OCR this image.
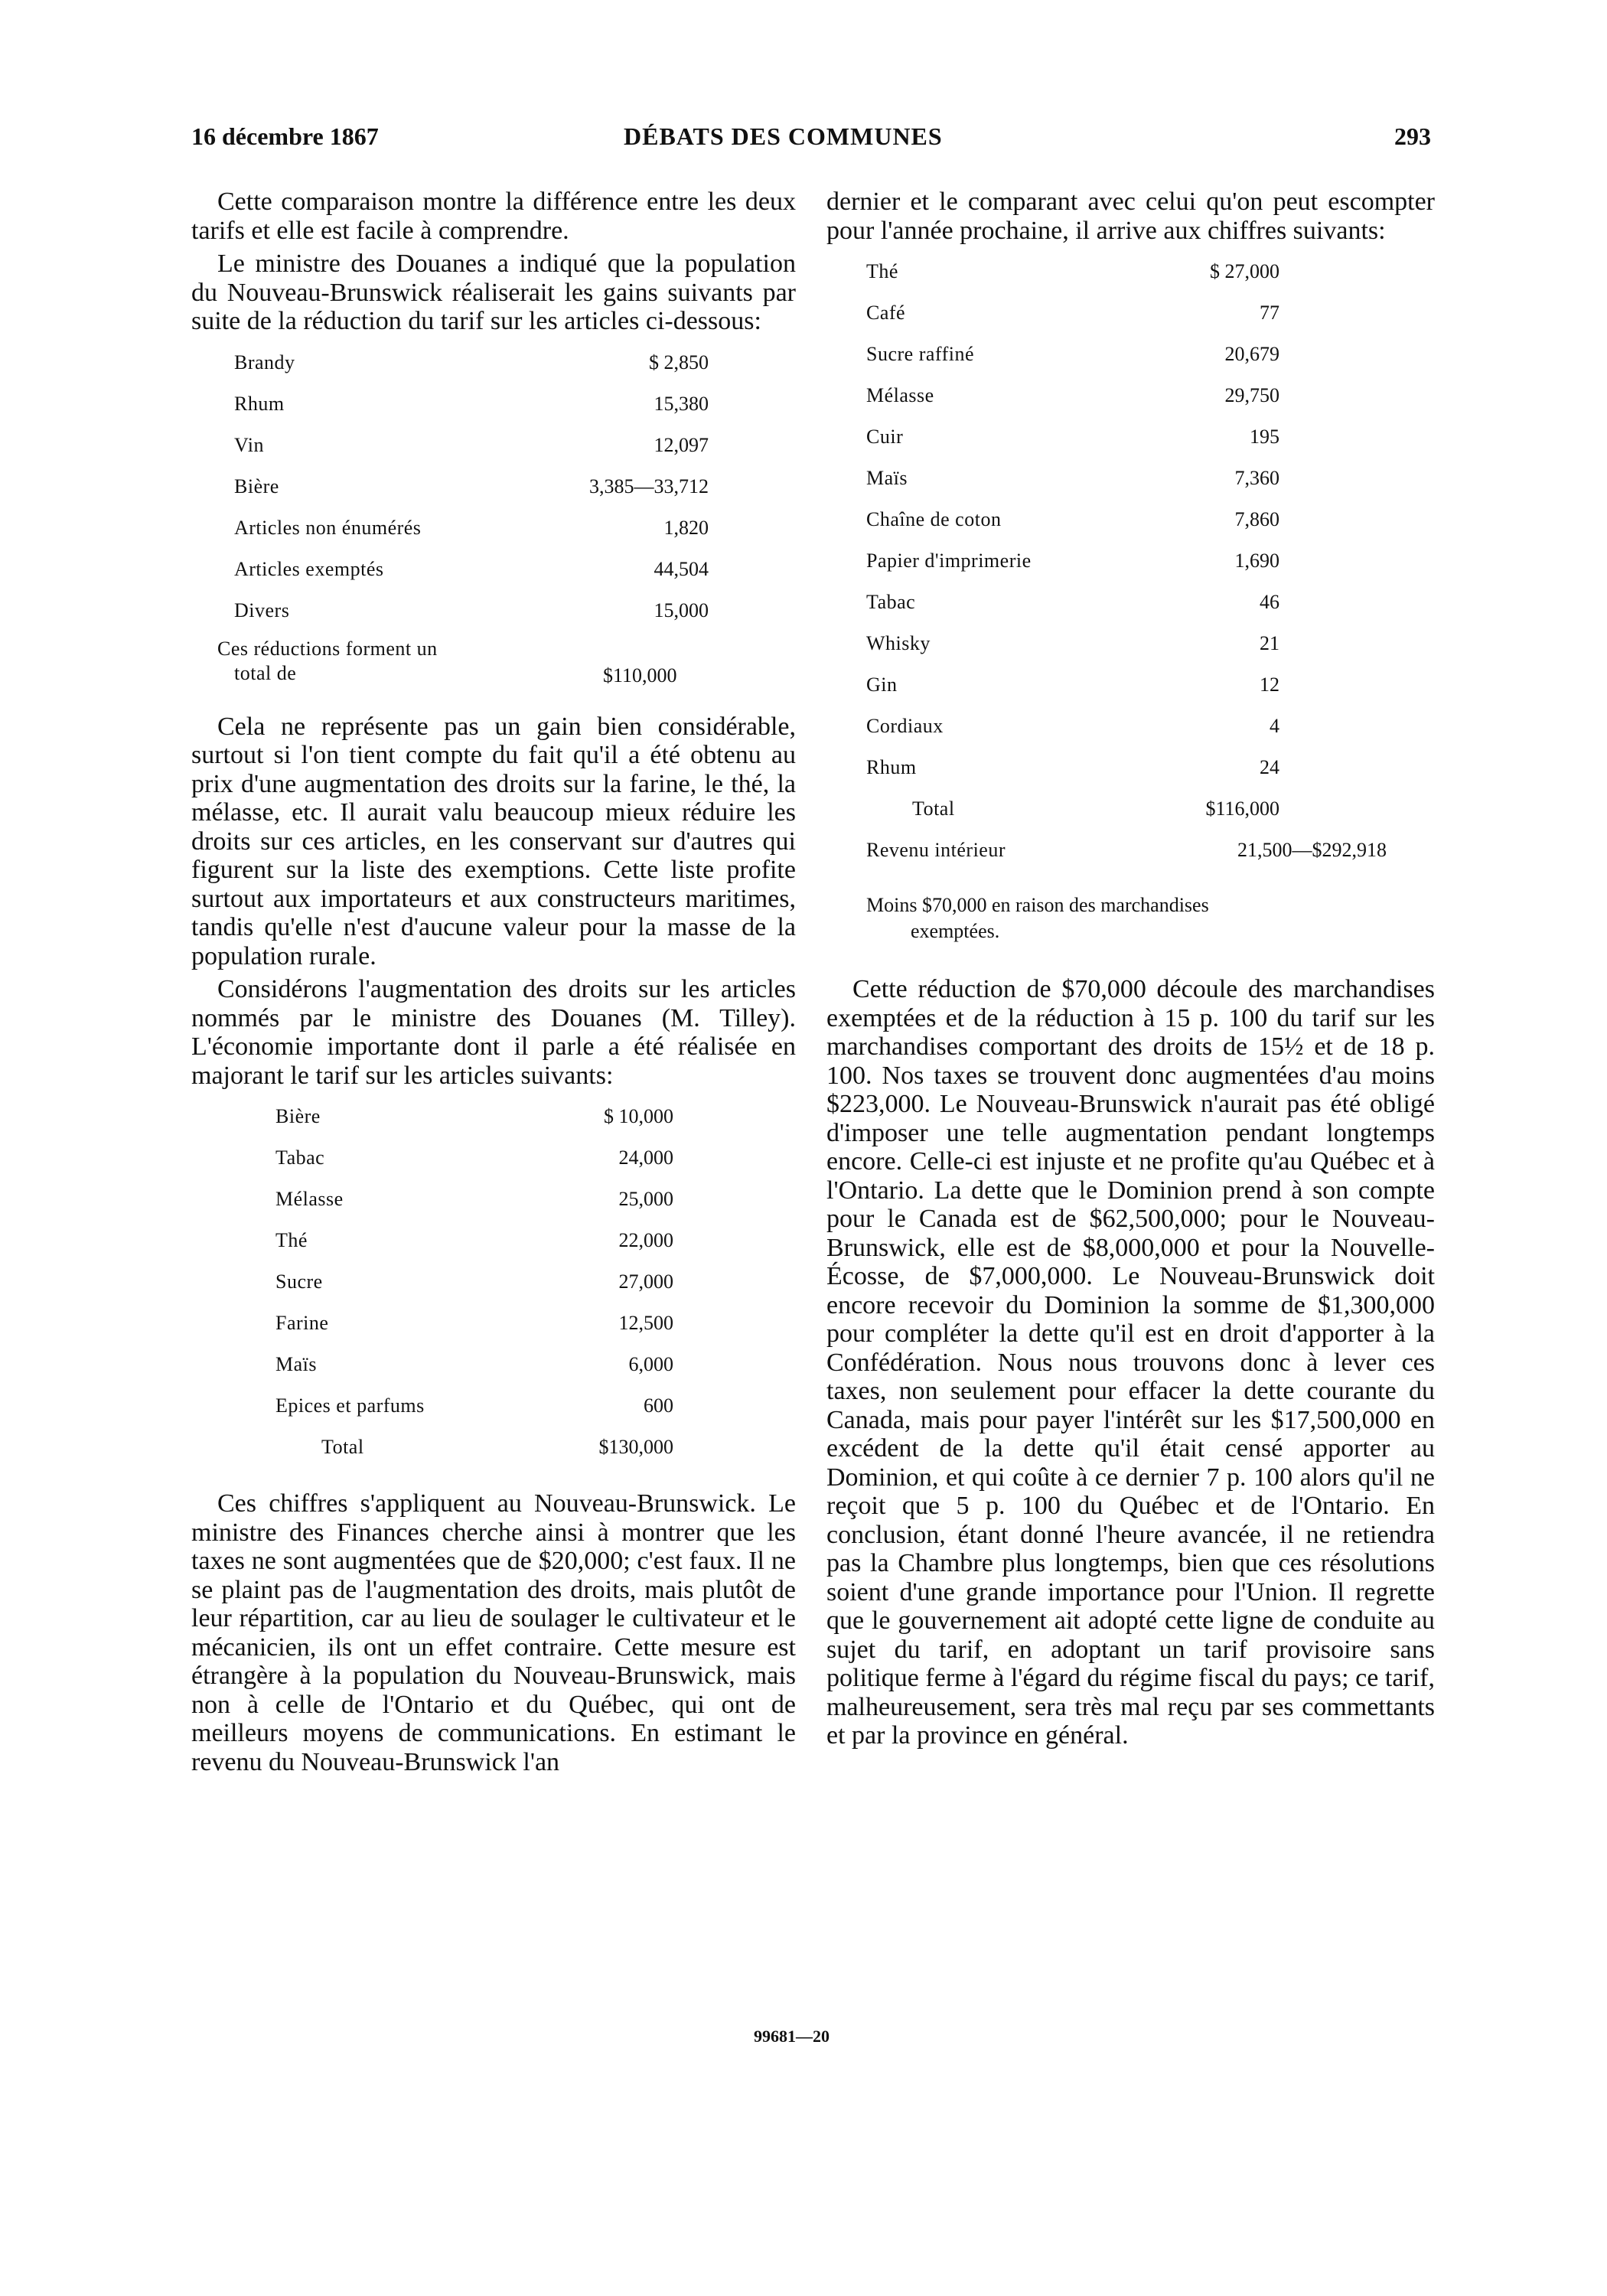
16 décembre 1867	DÉBATS DES COMMUNES	293

Cette comparaison montre la différence entre les deux tarifs et elle est facile à comprendre.

Le ministre des Douanes a indiqué que la population du Nouveau-Brunswick réaliserait les gains suivants par suite de la réduction du tarif sur les articles ci-dessous:

Brandy	$ 2,850
Rhum	15,380
Vin	12,097
Bière	3,385—33,712
Articles non énumérés	1,820
Articles exemptés	44,504
Divers	15,000

Ces réductions forment un
total de	$110,000

Cela ne représente pas un gain bien considérable, surtout si l'on tient compte du fait qu'il a été obtenu au prix d'une augmentation des droits sur la farine, le thé, la mélasse, etc. Il aurait valu beaucoup mieux réduire les droits sur ces articles, en les conservant sur d'autres qui figurent sur la liste des exemptions. Cette liste profite surtout aux importateurs et aux constructeurs maritimes, tandis qu'elle n'est d'aucune valeur pour la masse de la population rurale.

Considérons l'augmentation des droits sur les articles nommés par le ministre des Douanes (M. Tilley). L'économie importante dont il parle a été réalisée en majorant le tarif sur les articles suivants:

Bière	$ 10,000
Tabac	24,000
Mélasse	25,000
Thé	22,000
Sucre	27,000
Farine	12,500
Maïs	6,000
Epices et parfums	600
Total	$130,000

Ces chiffres s'appliquent au Nouveau-Brunswick. Le ministre des Finances cherche ainsi à montrer que les taxes ne sont augmentées que de $20,000; c'est faux. Il ne se plaint pas de l'augmentation des droits, mais plutôt de leur répartition, car au lieu de soulager le cultivateur et le mécanicien, ils ont un effet contraire. Cette mesure est étrangère à la population du Nouveau-Brunswick, mais non à celle de l'Ontario et du Québec, qui ont de meilleurs moyens de communications. En estimant le revenu du Nouveau-Brunswick l'an

dernier et le comparant avec celui qu'on peut escompter pour l'année prochaine, il arrive aux chiffres suivants:

Thé	$ 27,000	
Café	77	
Sucre raffiné	20,679	
Mélasse	29,750	
Cuir	195	
Maïs	7,360	
Chaîne de coton	7,860	
Papier d'imprimerie	1,690	
Tabac	46	
Whisky	21	
Gin	12	
Cordiaux	4	
Rhum	24	
Total	$116,000	
Revenu intérieur	21,500—$292,918	
Moins $70,000 en raison des marchandises
exemptées.

Cette réduction de $70,000 découle des marchandises exemptées et de la réduction à 15 p. 100 du tarif sur les marchandises comportant des droits de 15½ et de 18 p. 100. Nos taxes se trouvent donc augmentées d'au moins $223,000. Le Nouveau-Brunswick n'aurait pas été obligé d'imposer une telle augmentation pendant longtemps encore. Celle-ci est injuste et ne profite qu'au Québec et à l'Ontario. La dette que le Dominion prend à son compte pour le Canada est de $62,500,000; pour le Nouveau-Brunswick, elle est de $8,000,000 et pour la Nouvelle-Écosse, de $7,000,000. Le Nouveau-Brunswick doit encore recevoir du Dominion la somme de $1,300,000 pour compléter la dette qu'il est en droit d'apporter à la Confédération. Nous nous trouvons donc à lever ces taxes, non seulement pour effacer la dette courante du Canada, mais pour payer l'intérêt sur les $17,500,000 en excédent de la dette qu'il était censé apporter au Dominion, et qui coûte à ce dernier 7 p. 100 alors qu'il ne reçoit que 5 p. 100 du Québec et de l'Ontario. En conclusion, étant donné l'heure avancée, il ne retiendra pas la Chambre plus longtemps, bien que ces résolutions soient d'une grande importance pour l'Union. Il regrette que le gouvernement ait adopté cette ligne de conduite au sujet du tarif, en adoptant un tarif provisoire sans politique ferme à l'égard du régime fiscal du pays; ce tarif, malheureusement, sera très mal reçu par ses commettants et par la province en général.

99681—20
